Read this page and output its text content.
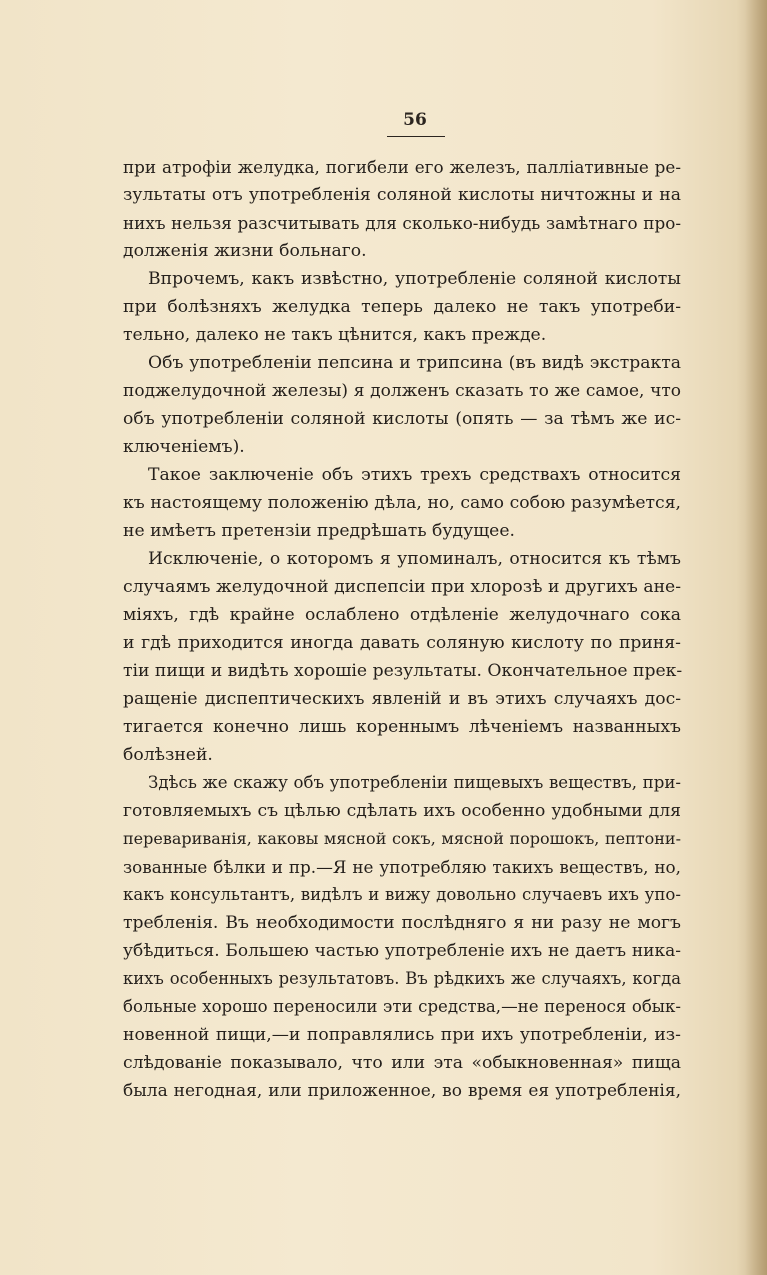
56
при атрофіи желудка, погибели его железъ, палліативные ре-
зультаты отъ употребленія соляной кислоты ничтожны и на
нихъ нельзя разсчитывать для сколько-нибудь замѣтнаго про-
долженія жизни больнаго.
Впрочемъ, какъ извѣстно, употребленіе соляной кислоты
при болѣзняхъ желудка теперь далеко не такъ употреби-
тельно, далеко не такъ цѣнится, какъ прежде.
Объ употребленіи пепсина и трипсина (въ видѣ экстракта
поджелудочной железы) я долженъ сказать то же самое, что
объ употребленіи соляной кислоты (опять — за тѣмъ же ис-
ключеніемъ).
Такое заключеніе объ этихъ трехъ средствахъ относится
къ настоящему положенію дѣла, но, само собою разумѣется,
не имѣетъ претензіи предрѣшать будущее.
Исключеніе, о которомъ я упоминалъ, относится къ тѣмъ
случаямъ желудочной диспепсіи при хлорозѣ и другихъ ане-
міяхъ, гдѣ крайне ослаблено отдѣленіе желудочнаго сока
и гдѣ приходится иногда давать соляную кислоту по приня-
тіи пищи и видѣть хорошіе результаты. Окончательное прек-
ращеніе диспептическихъ явленій и въ этихъ случаяхъ дос-
тигается конечно лишь кореннымъ лѣченіемъ названныхъ
болѣзней.
Здѣсь же скажу объ употребленіи пищевыхъ веществъ, при-
готовляемыхъ съ цѣлью сдѣлать ихъ особенно удобными для
перевариванія, каковы мясной сокъ, мясной порошокъ, пептони-
зованные бѣлки и пр.—Я не употребляю такихъ веществъ, но,
какъ консультантъ, видѣлъ и вижу довольно случаевъ ихъ упо-
требленія. Въ необходимости послѣдняго я ни разу не могъ
убѣдиться. Большею частью употребленіе ихъ не даетъ ника-
кихъ особенныхъ результатовъ. Въ рѣдкихъ же случаяхъ, когда
больные хорошо переносили эти средства,—не перенося обык-
новенной пищи,—и поправлялись при ихъ употребленіи, из-
слѣдованіе показывало, что или эта «обыкновенная» пища
была негодная, или приложенное, во время ея употребленія,
